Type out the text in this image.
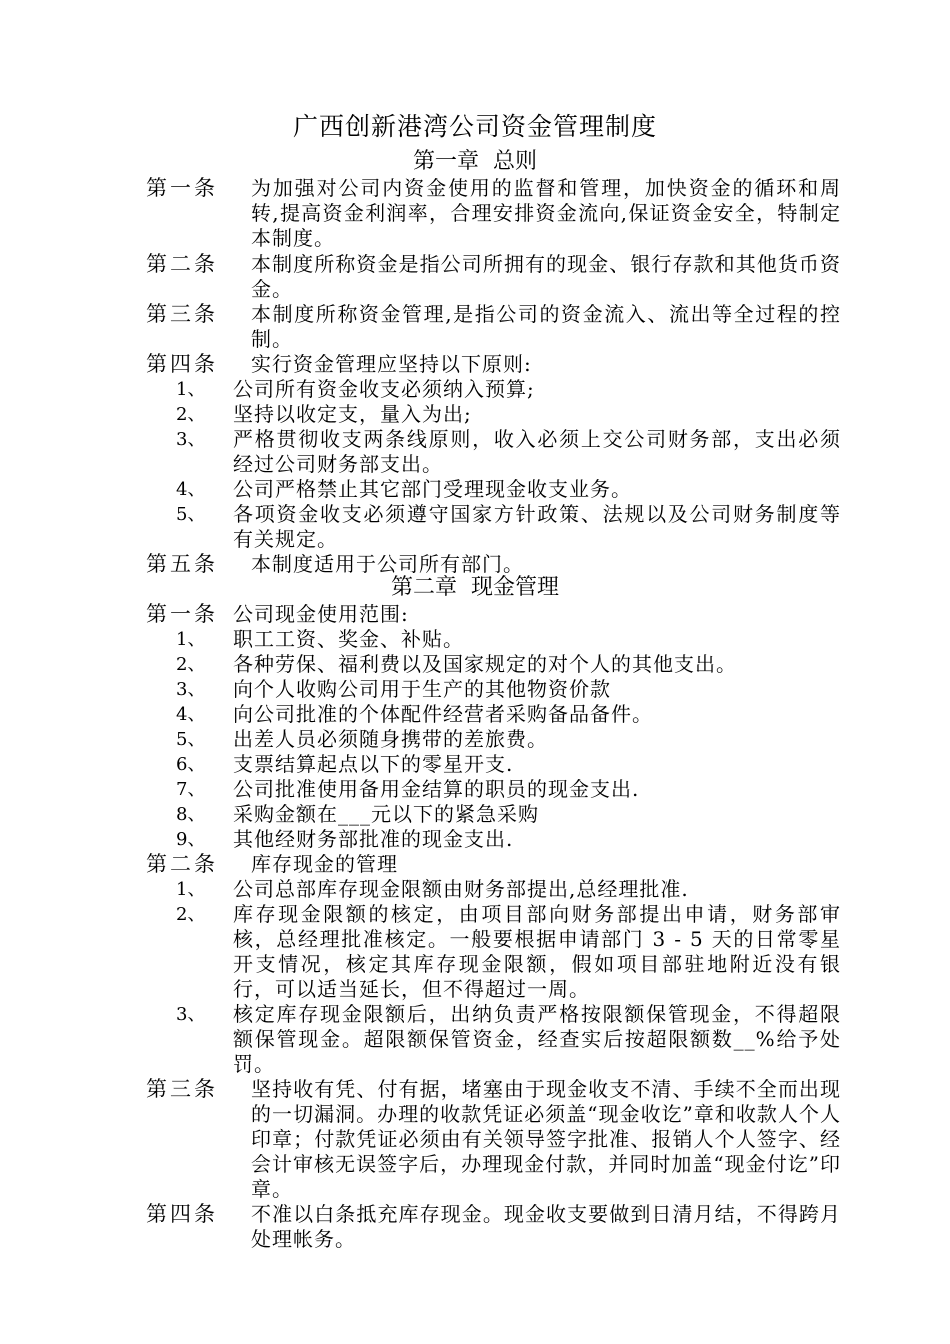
广西创新港湾公司资金管理制度
第一章  总则
第一条 为加强对公司内资金使用的监督和管理，加快资金的循环和周转,提高资金利润率，合理安排资金流向,保证资金安全，特制定本制度。
第二条 本制度所称资金是指公司所拥有的现金、银行存款和其他货币资金。
第三条 本制度所称资金管理,是指公司的资金流入、流出等全过程的控制。
第四条 实行资金管理应坚持以下原则:
1、 公司所有资金收支必须纳入预算;
2、 坚持以收定支，量入为出;
3、 严格贯彻收支两条线原则，收入必须上交公司财务部，支出必须经过公司财务部支出。
4、 公司严格禁止其它部门受理现金收支业务。
5、 各项资金收支必须遵守国家方针政策、法规以及公司财务制度等有关规定。
第五条 本制度适用于公司所有部门。
第二章  现金管理
第一条 公司现金使用范围:
1、 职工工资、奖金、补贴。
2、 各种劳保、福利费以及国家规定的对个人的其他支出。
3、 向个人收购公司用于生产的其他物资价款
4、 向公司批准的个体配件经营者采购备品备件。
5、 出差人员必须随身携带的差旅费。
6、 支票结算起点以下的零星开支.
7、 公司批准使用备用金结算的职员的现金支出.
8、 采购金额在___元以下的紧急采购
9、 其他经财务部批准的现金支出.
第二条 库存现金的管理
1、 公司总部库存现金限额由财务部提出,总经理批准.
2、 库存现金限额的核定，由项目部向财务部提出申请，财务部审核，总经理批准核定。一般要根据申请部门 3 - 5 天的日常零星开支情况，核定其库存现金限额，假如项目部驻地附近没有银行，可以适当延长，但不得超过一周。
3、 核定库存现金限额后，出纳负责严格按限额保管现金，不得超限额保管现金。超限额保管资金，经查实后按超限额数__%给予处罚。
第三条 坚持收有凭、付有据，堵塞由于现金收支不清、手续不全而出现的一切漏洞。办理的收款凭证必须盖“现金收讫”章和收款人个人印章；付款凭证必须由有关领导签字批准、报销人个人签字、经会计审核无误签字后，办理现金付款，并同时加盖“现金付讫”印章。
第四条 不准以白条抵充库存现金。现金收支要做到日清月结，不得跨月处理帐务。
